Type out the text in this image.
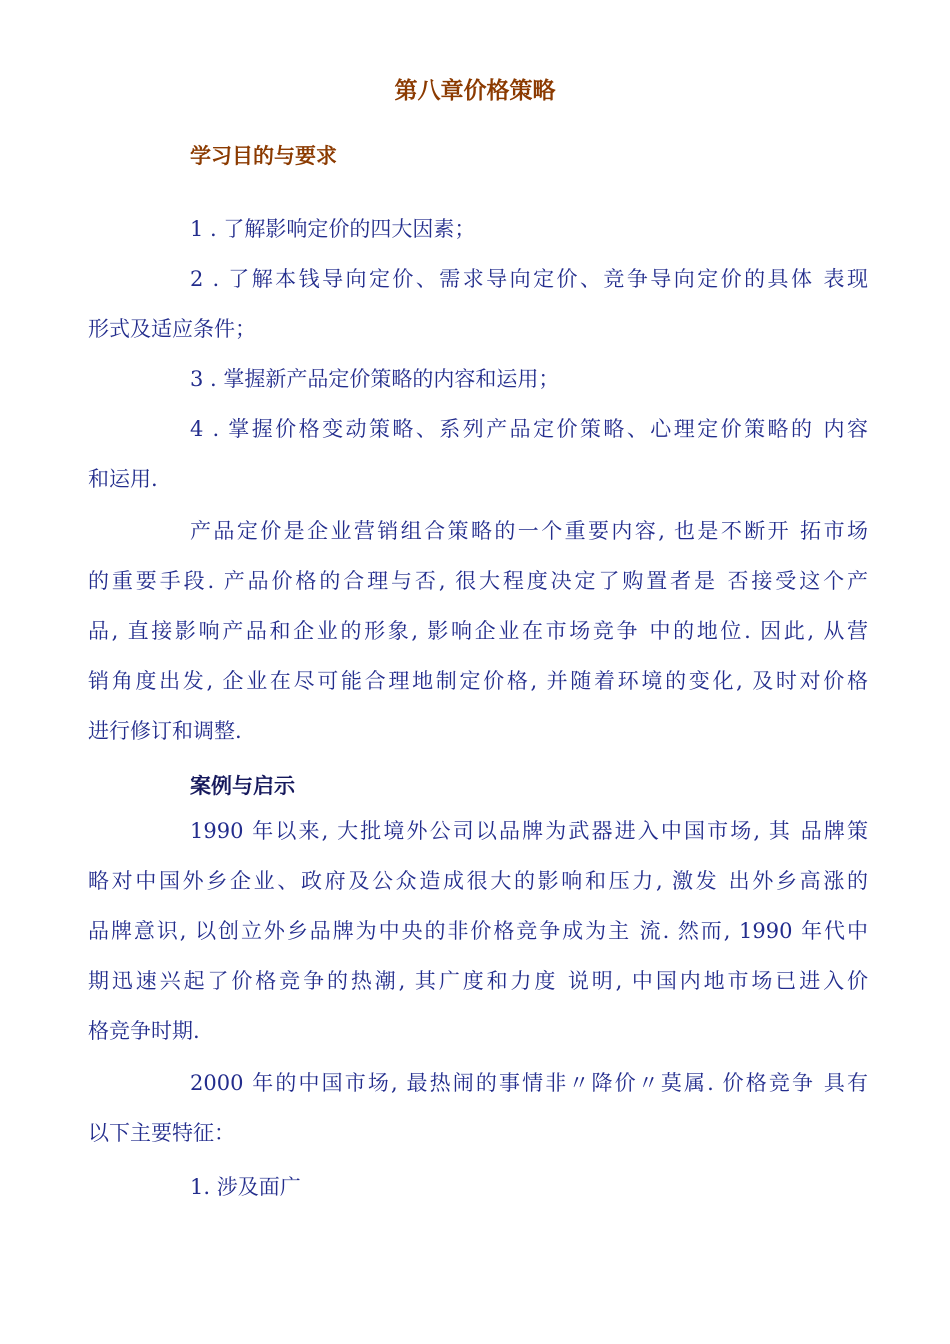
第八章价格策略
学习目的与要求
1 . 了解影响定价的四大因素；
2 . 了解本钱导向定价、需求导向定价、竞争导向定价的具体 表现
形式及适应条件；
3 . 掌握新产品定价策略的内容和运用；
4 . 掌握价格变动策略、系列产品定价策略、心理定价策略的 内容
和运用.
产品定价是企业营销组合策略的一个重要内容, 也是不断开 拓市场
的重要手段. 产品价格的合理与否, 很大程度决定了购置者是 否接受这个产
品, 直接影响产品和企业的形象, 影响企业在市场竞争 中的地位. 因此, 从营
销角度出发, 企业在尽可能合理地制定价格, 并随着环境的变化, 及时对价格
进行修订和调整.
案例与启示
1990 年以来, 大批境外公司以品牌为武器进入中国市场, 其 品牌策
略对中国外乡企业、政府及公众造成很大的影响和压力, 激发 出外乡高涨的
品牌意识, 以创立外乡品牌为中央的非价格竞争成为主 流. 然而, 1990 年代中
期迅速兴起了价格竞争的热潮, 其广度和力度 说明, 中国内地市场已进入价
格竞争时期.
2000 年的中国市场, 最热闹的事情非〃降价〃莫属. 价格竞争 具有
以下主要特征：
1. 涉及面广
